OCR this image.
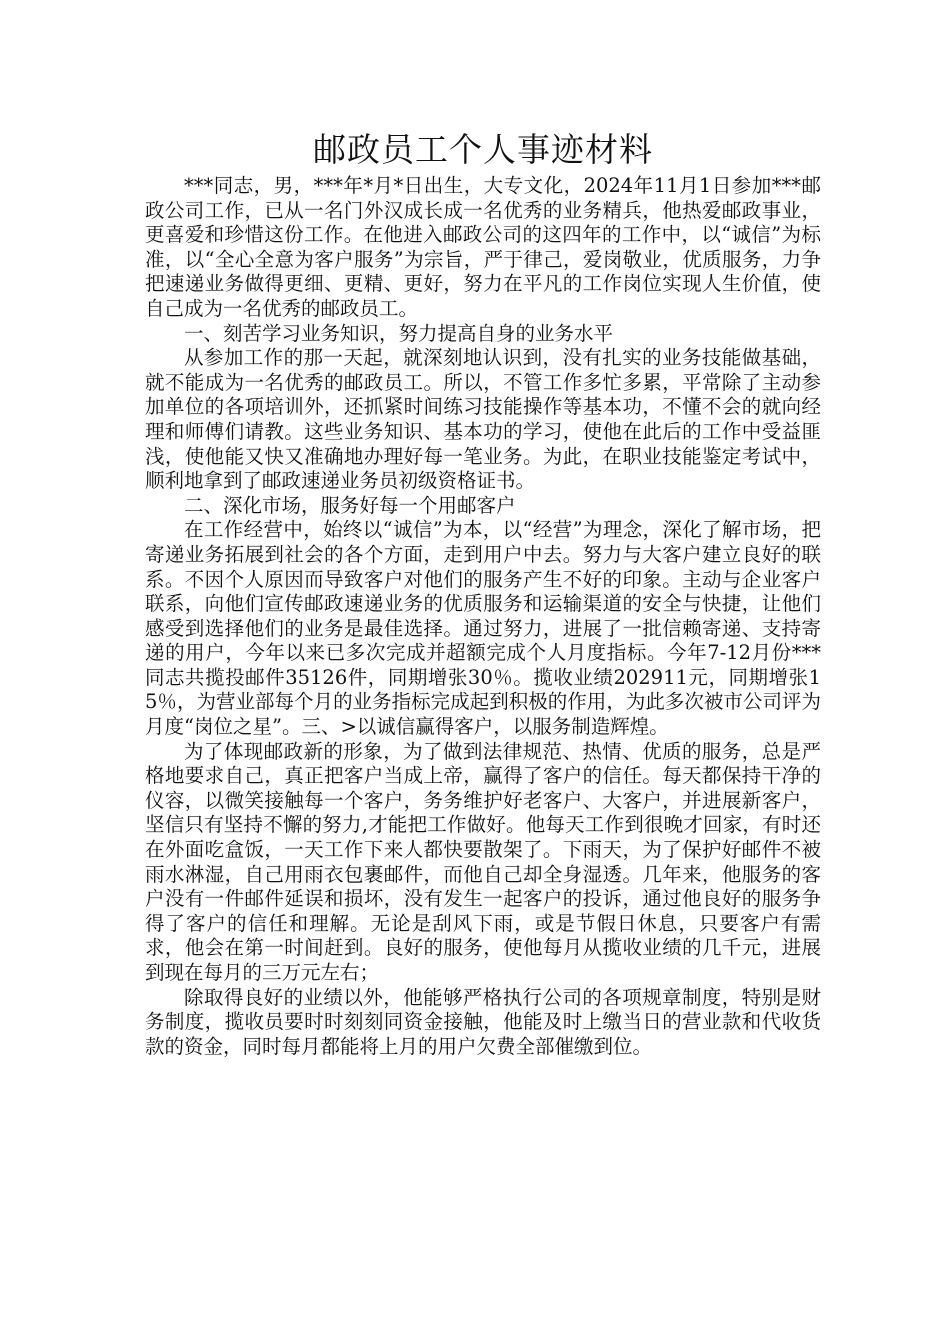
邮政员工个人事迹材料

***同志，男，***年*月*日出生，大专文化，2024年11月1日参加***邮政公司工作，已从一名门外汉成长成一名优秀的业务精兵，他热爱邮政事业，更喜爱和珍惜这份工作。在他进入邮政公司的这四年的工作中，以“诚信”为标准，以“全心全意为客户服务”为宗旨，严于律己，爱岗敬业，优质服务，力争把速递业务做得更细、更精、更好，努力在平凡的工作岗位实现人生价值，使自己成为一名优秀的邮政员工。

一、刻苦学习业务知识，努力提高自身的业务水平

从参加工作的那一天起，就深刻地认识到，没有扎实的业务技能做基础，就不能成为一名优秀的邮政员工。所以，不管工作多忙多累，平常除了主动参加单位的各项培训外，还抓紧时间练习技能操作等基本功，不懂不会的就向经理和师傅们请教。这些业务知识、基本功的学习，使他在此后的工作中受益匪浅，使他能又快又准确地办理好每一笔业务。为此，在职业技能鉴定考试中，顺利地拿到了邮政速递业务员初级资格证书。

二、深化市场，服务好每一个用邮客户

在工作经营中，始终以“诚信”为本，以“经营”为理念，深化了解市场，把寄递业务拓展到社会的各个方面，走到用户中去。努力与大客户建立良好的联系。不因个人原因而导致客户对他们的服务产生不好的印象。主动与企业客户联系，向他们宣传邮政速递业务的优质服务和运输渠道的安全与快捷，让他们感受到选择他们的业务是最佳选择。通过努力，进展了一批信赖寄递、支持寄递的用户，今年以来已多次完成并超额完成个人月度指标。今年7-12月份***同志共揽投邮件35126件，同期增张30％。揽收业绩202911元，同期增张15％，为营业部每个月的业务指标完成起到积极的作用，为此多次被市公司评为月度“岗位之星”。三、>以诚信赢得客户，以服务制造辉煌。

为了体现邮政新的形象，为了做到法律规范、热情、优质的服务，总是严格地要求自己，真正把客户当成上帝，赢得了客户的信任。每天都保持干净的仪容，以微笑接触每一个客户，务务维护好老客户、大客户，并进展新客户，坚信只有坚持不懈的努力,才能把工作做好。他每天工作到很晚才回家，有时还在外面吃盒饭，一天工作下来人都快要散架了。下雨天，为了保护好邮件不被雨水淋湿，自己用雨衣包裹邮件，而他自己却全身湿透。几年来，他服务的客户没有一件邮件延误和损坏，没有发生一起客户的投诉，通过他良好的服务争得了客户的信任和理解。无论是刮风下雨，或是节假日休息，只要客户有需求，他会在第一时间赶到。良好的服务，使他每月从揽收业绩的几千元，进展到现在每月的三万元左右；

除取得良好的业绩以外，他能够严格执行公司的各项规章制度，特别是财务制度，揽收员要时时刻刻同资金接触，他能及时上缴当日的营业款和代收货款的资金，同时每月都能将上月的用户欠费全部催缴到位。
